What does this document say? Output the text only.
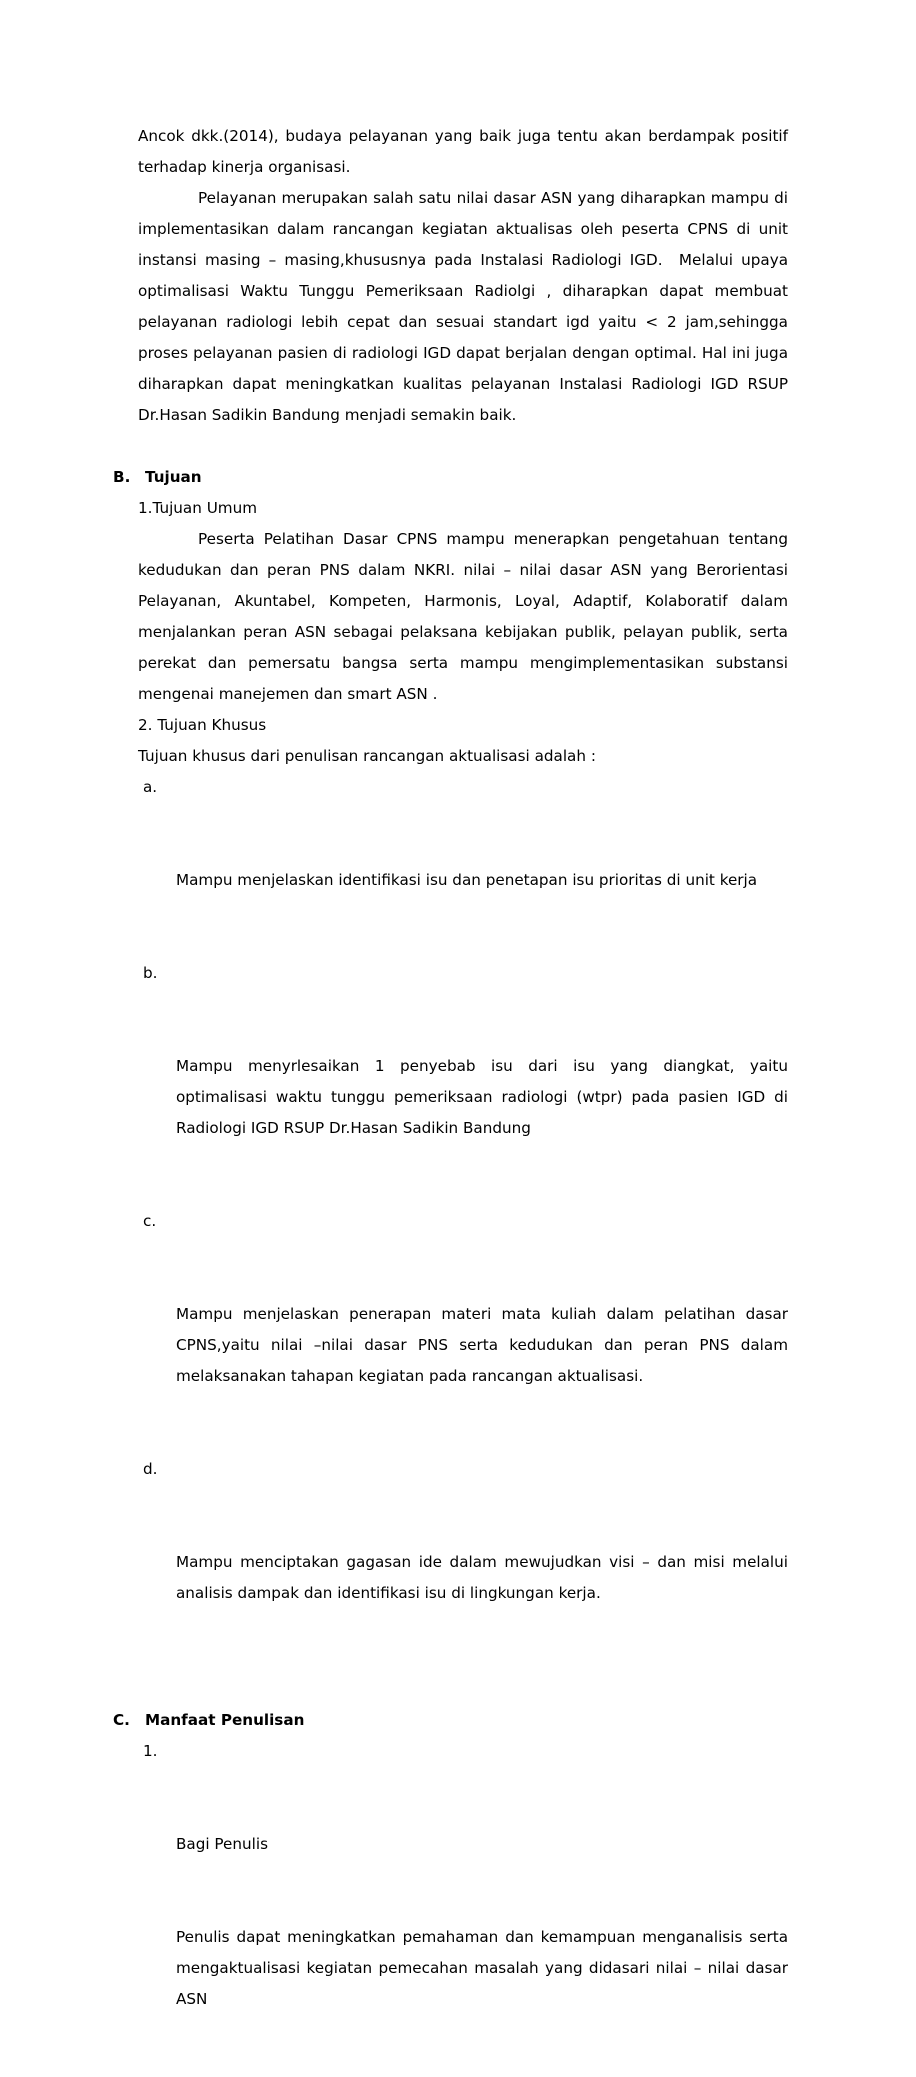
Ancok dkk.(2014), budaya pelayanan yang baik juga tentu akan berdampak positif terhadap kinerja organisasi.

Pelayanan merupakan salah satu nilai dasar ASN yang diharapkan mampu di implementasikan dalam rancangan kegiatan aktualisas oleh peserta CPNS di unit instansi masing – masing,khususnya pada Instalasi Radiologi IGD.  Melalui upaya optimalisasi Waktu Tunggu Pemeriksaan Radiolgi , diharapkan dapat membuat pelayanan radiologi lebih cepat dan sesuai standart igd yaitu < 2 jam,sehingga proses pelayanan pasien di radiologi IGD dapat berjalan dengan optimal. Hal ini juga diharapkan dapat meningkatkan kualitas pelayanan Instalasi Radiologi IGD RSUP Dr.Hasan Sadikin Bandung menjadi semakin baik.

B. Tujuan

1.Tujuan Umum

Peserta Pelatihan Dasar CPNS mampu menerapkan pengetahuan tentang kedudukan dan peran PNS dalam NKRI. nilai – nilai dasar ASN yang Berorientasi Pelayanan, Akuntabel, Kompeten, Harmonis, Loyal, Adaptif, Kolaboratif dalam menjalankan peran ASN sebagai pelaksana kebijakan publik, pelayan publik, serta perekat dan pemersatu bangsa serta mampu mengimplementasikan substansi mengenai manejemen dan smart ASN .

2. Tujuan Khusus

Tujuan khusus dari penulisan rancangan aktualisasi adalah :

a.

Mampu menjelaskan identifikasi isu dan penetapan isu prioritas di unit kerja

b.

Mampu menyrlesaikan 1 penyebab isu dari isu yang diangkat, yaitu optimalisasi waktu tunggu pemeriksaan radiologi (wtpr) pada pasien IGD di Radiologi IGD RSUP Dr.Hasan Sadikin Bandung

c.

Mampu menjelaskan penerapan materi mata kuliah dalam pelatihan dasar CPNS,yaitu nilai –nilai dasar PNS serta kedudukan dan peran PNS dalam melaksanakan tahapan kegiatan pada rancangan aktualisasi.

d.

Mampu menciptakan gagasan ide dalam mewujudkan visi – dan misi melalui analisis dampak dan identifikasi isu di lingkungan kerja.

C. Manfaat Penulisan

1.

Bagi Penulis

Penulis dapat meningkatkan pemahaman dan kemampuan menganalisis serta mengaktualisasi kegiatan pemecahan masalah yang didasari nilai – nilai dasar ASN
